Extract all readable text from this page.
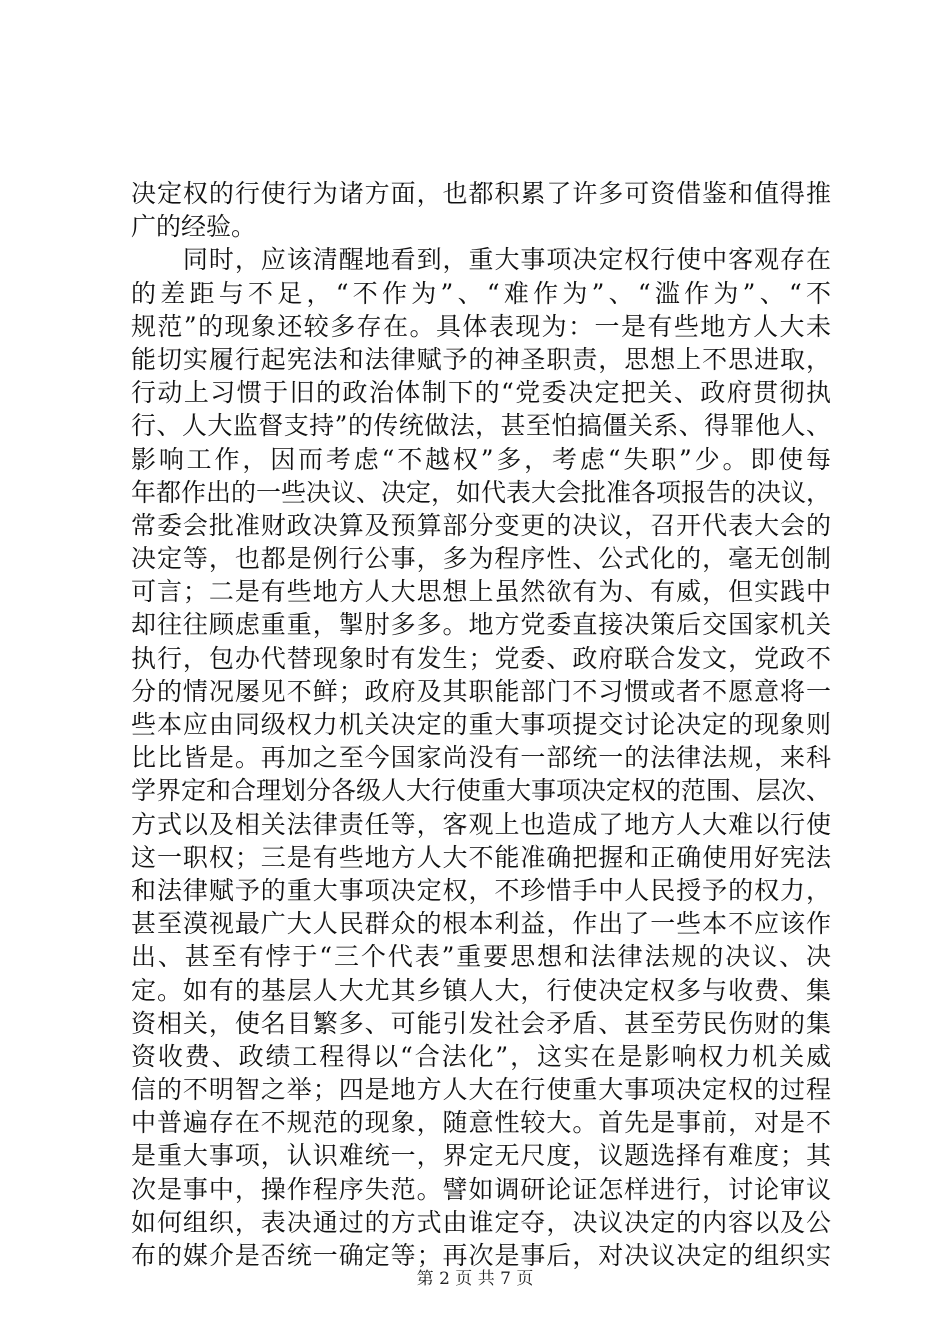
决定权的行使行为诸方面，也都积累了许多可资借鉴和值得推
广的经验。
　　同时，应该清醒地看到，重大事项决定权行使中客观存在
的差距与不足，“不作为”、“难作为”、“滥作为”、“不
规范”的现象还较多存在。具体表现为：一是有些地方人大未
能切实履行起宪法和法律赋予的神圣职责，思想上不思进取，
行动上习惯于旧的政治体制下的“党委决定把关、政府贯彻执
行、人大监督支持”的传统做法，甚至怕搞僵关系、得罪他人、
影响工作，因而考虑“不越权”多，考虑“失职”少。即使每
年都作出的一些决议、决定，如代表大会批准各项报告的决议，
常委会批准财政决算及预算部分变更的决议，召开代表大会的
决定等，也都是例行公事，多为程序性、公式化的，毫无创制
可言；二是有些地方人大思想上虽然欲有为、有威，但实践中
却往往顾虑重重，掣肘多多。地方党委直接决策后交国家机关
执行，包办代替现象时有发生；党委、政府联合发文，党政不
分的情况屡见不鲜；政府及其职能部门不习惯或者不愿意将一
些本应由同级权力机关决定的重大事项提交讨论决定的现象则
比比皆是。再加之至今国家尚没有一部统一的法律法规，来科
学界定和合理划分各级人大行使重大事项决定权的范围、层次、
方式以及相关法律责任等，客观上也造成了地方人大难以行使
这一职权；三是有些地方人大不能准确把握和正确使用好宪法
和法律赋予的重大事项决定权，不珍惜手中人民授予的权力，
甚至漠视最广大人民群众的根本利益，作出了一些本不应该作
出、甚至有悖于“三个代表”重要思想和法律法规的决议、决
定。如有的基层人大尤其乡镇人大，行使决定权多与收费、集
资相关，使名目繁多、可能引发社会矛盾、甚至劳民伤财的集
资收费、政绩工程得以“合法化”，这实在是影响权力机关威
信的不明智之举；四是地方人大在行使重大事项决定权的过程
中普遍存在不规范的现象，随意性较大。首先是事前，对是不
是重大事项，认识难统一，界定无尺度，议题选择有难度；其
次是事中，操作程序失范。譬如调研论证怎样进行，讨论审议
如何组织，表决通过的方式由谁定夺，决议决定的内容以及公
布的媒介是否统一确定等；再次是事后，对决议决定的组织实
第 2 页 共 7 页
